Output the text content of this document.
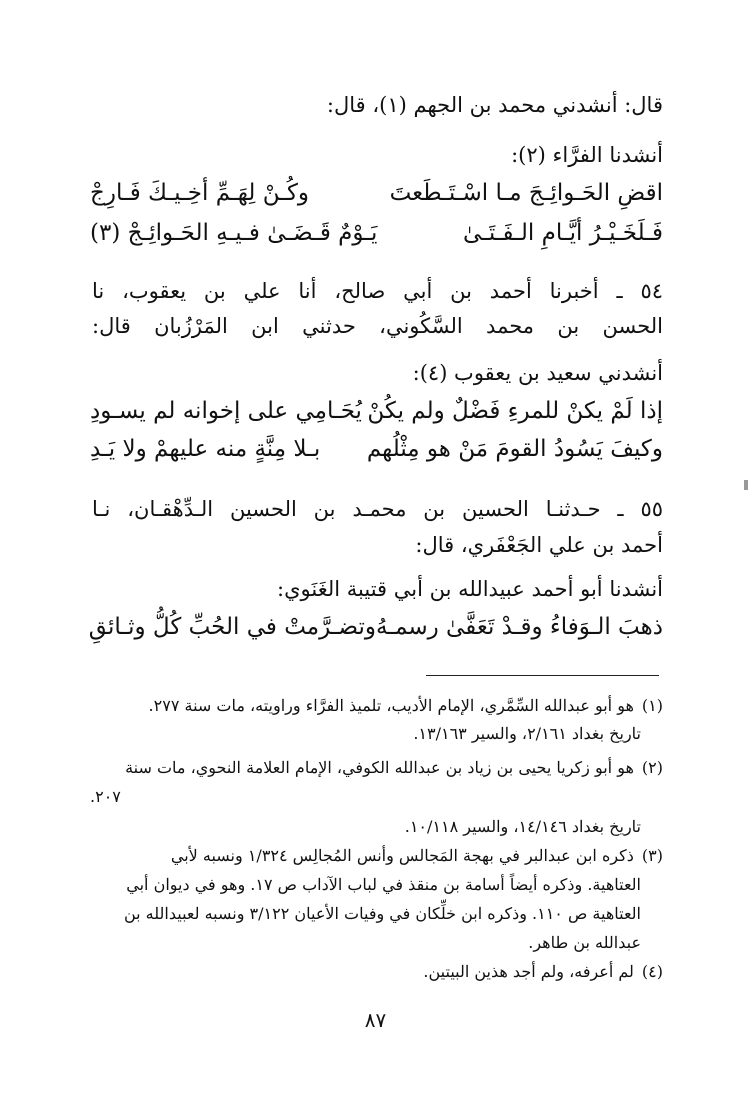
قال: أنشدني محمد بن الجهم (١)، قال:
أنشدنا الفرَّاء (٢):
اقضِ الحَـوائِـجَ مـا اسْـتَـطَعتَ
وكُـنْ لِهَـمِّ أخِـيـكَ فَـارِجْ
فَـلَخَـيْـرُ أيَّـامِ الـفَـتَـىٰ
يَـوْمٌ قَـضَـىٰ فـيـهِ الحَـوائِـجْ (٣)
٥٤ ـ أخبرنا أحمد بن أبي صالح، أنا علي بن يعقوب، نا
الحسن بن محمد السَّكُوني، حدثني ابن المَرْزُبان قال:
أنشدني سعيد بن يعقوب (٤):
إذا لَمْ يكنْ للمرءِ فَضْلٌ ولم يكُنْ
يُحَـامِي على إخوانه لم يسـودِ
وكيفَ يَسُودُ القومَ مَنْ هو مِثْلُهم
بـلا مِنَّةٍ منه عليهمْ ولا يَـدِ
٥٥ ـ حـدثنـا الحسين بن محمـد بن الحسين الـدِّهْقـان، نـا
أحمد بن علي الجَعْفَري، قال:
أنشدنا أبو أحمد عبيدالله بن أبي قتيبة الغَنَوي:
ذهبَ الـوَفاءُ وقـدْ تَعَفَّىٰ رسمـهُ
وتضـرَّمتْ في الحُبِّ كُلُّ وثـائقِ
(١) هو أبو عبدالله السِّمَّري، الإمام الأديب، تلميذ الفرَّاء وراويته، مات سنة ٢٧٧.
تاريخ بغداد ٢/١٦١، والسير ١٣/١٦٣.
(٢) هو أبو زكريا يحيى بن زياد بن عبدالله الكوفي، الإمام العلامة النحوي، مات سنة
٢٠٧.
تاريخ بغداد ١٤/١٤٦، والسير ١٠/١١٨.
(٣) ذكره ابن عبدالبر في بهجة المَجالس وأنس المُجالِس ١/٣٢٤ ونسبه لأبي
العتاهية. وذكره أيضاً أسامة بن منقذ في لباب الآداب ص ١٧. وهو في ديوان أبي
العتاهية ص ١١٠. وذكره ابن خلِّكان في وفيات الأعيان ٣/١٢٢ ونسبه لعبيدالله بن
عبدالله بن طاهر.
(٤) لم أعرفه، ولم أجد هذين البيتين.
٨٧
